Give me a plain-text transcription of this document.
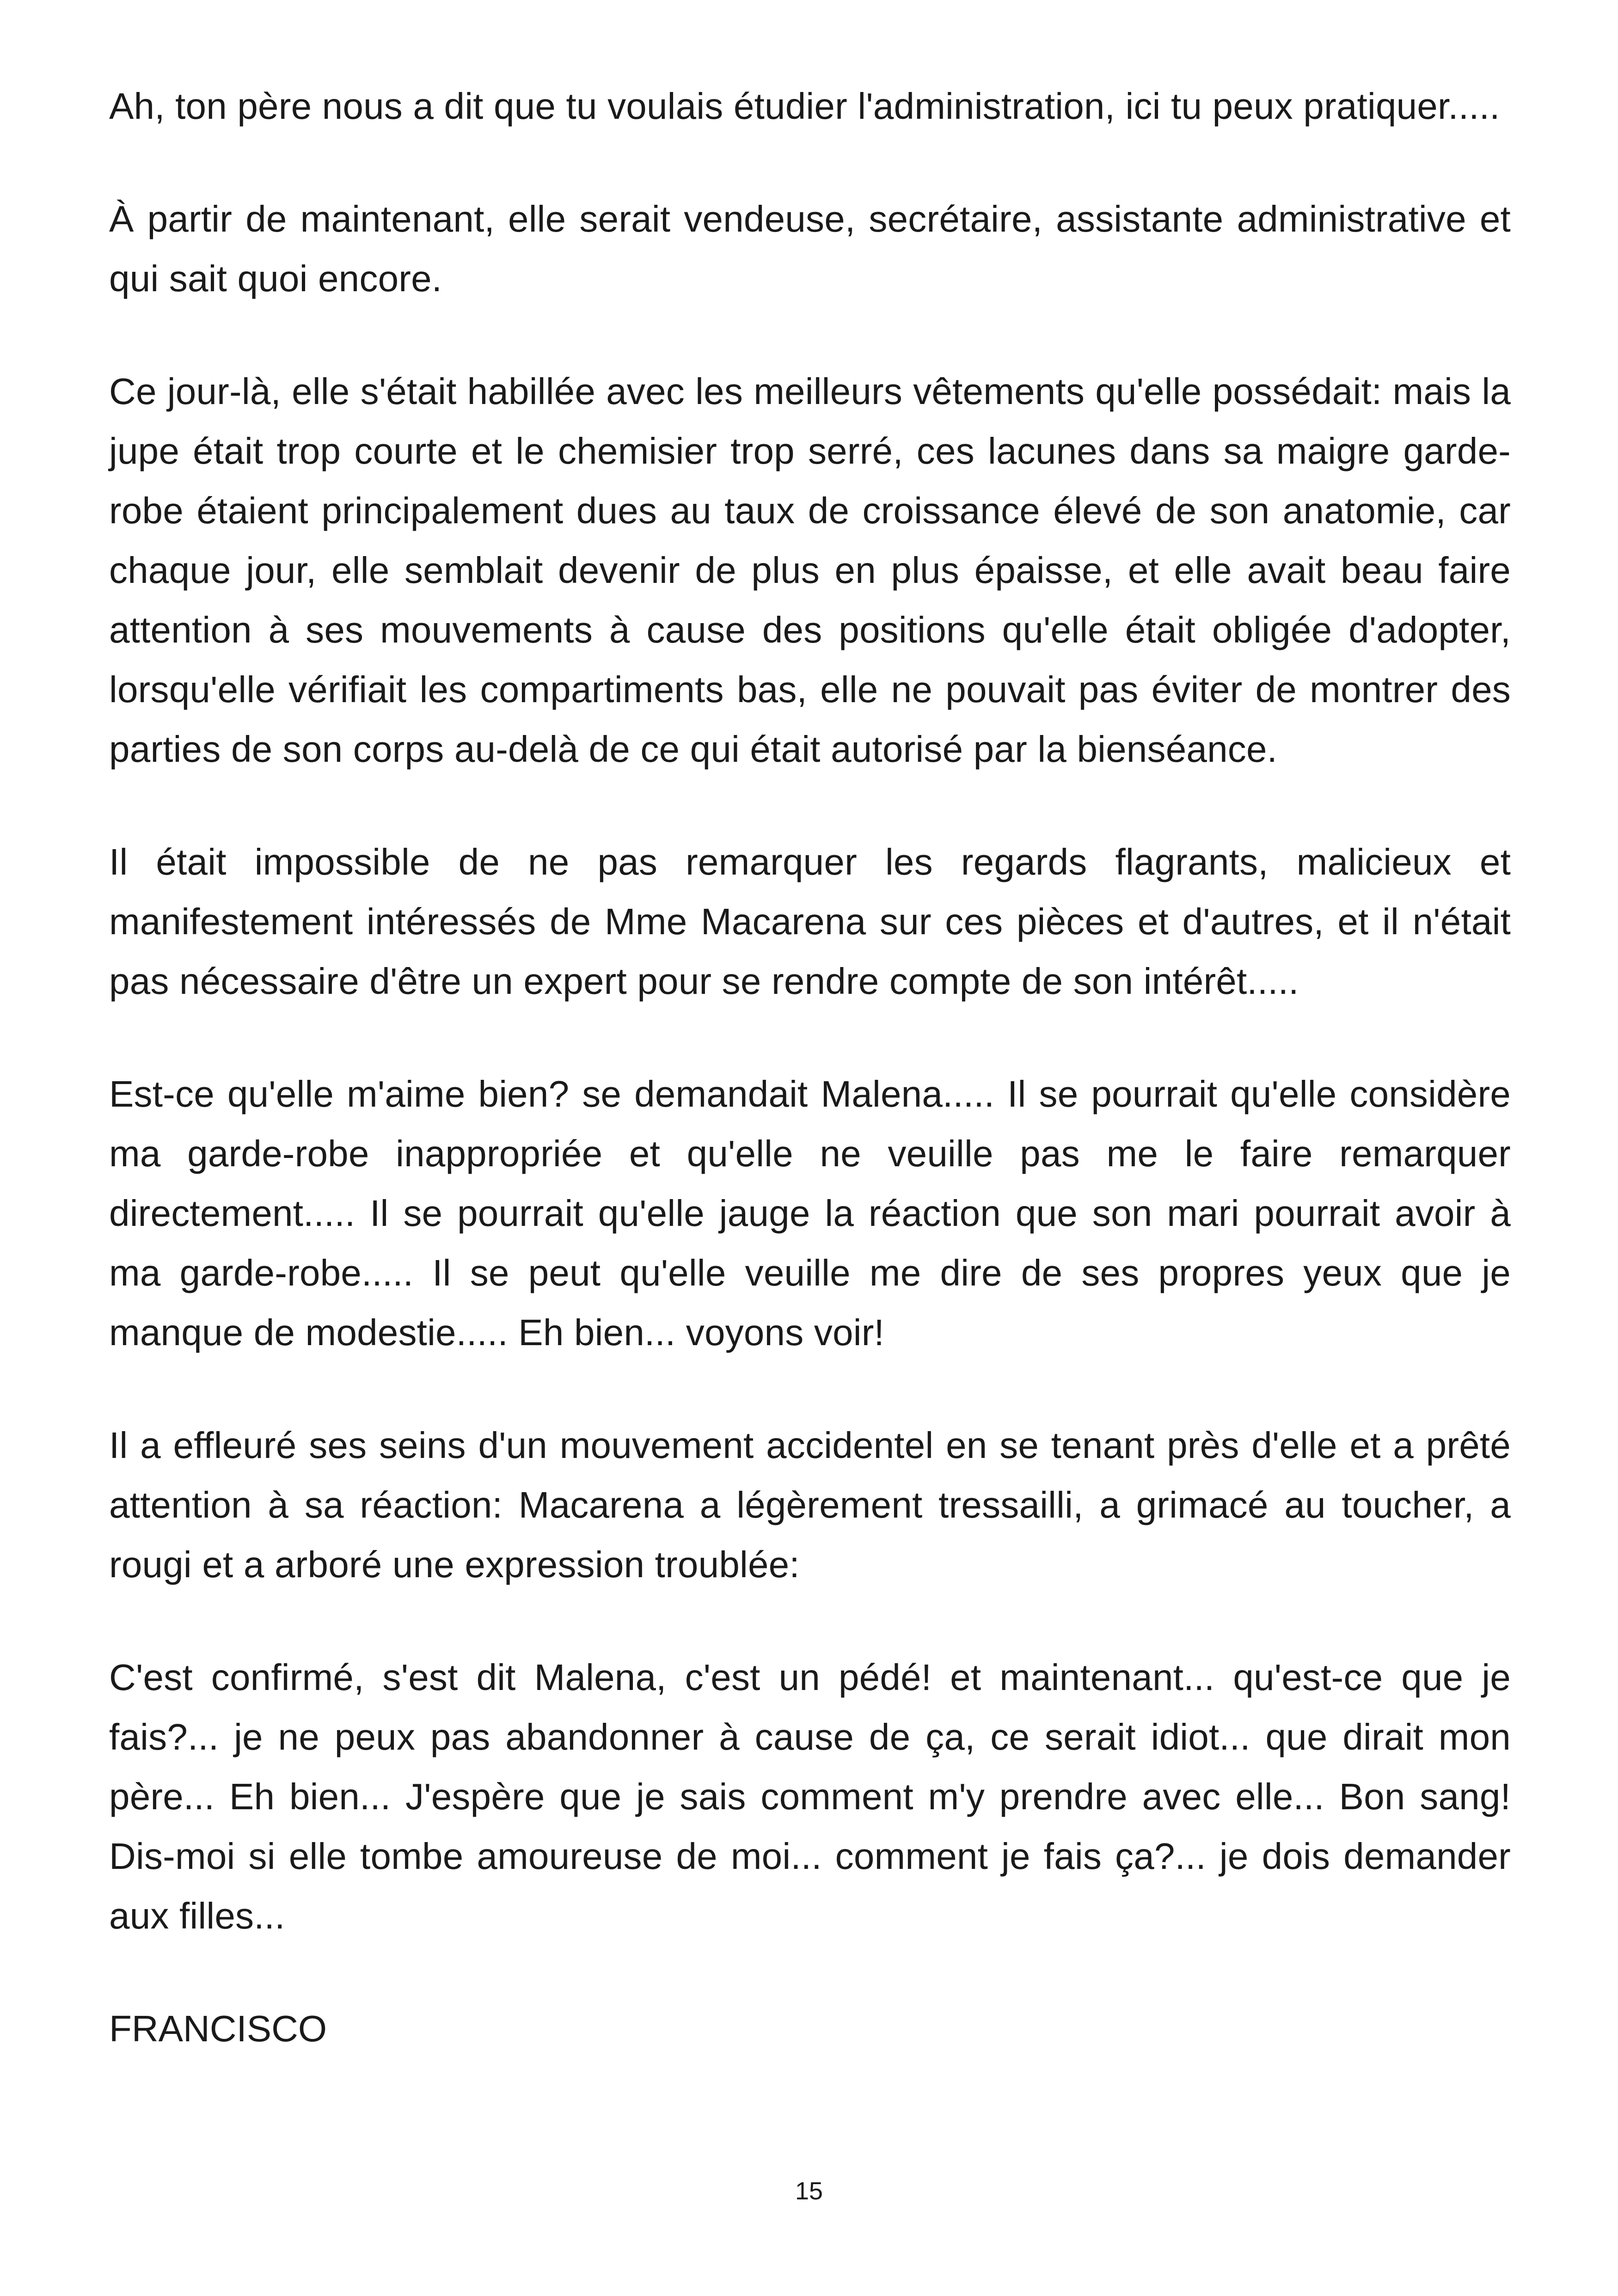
Ah, ton père nous a dit que tu voulais étudier l'administration, ici tu peux pratiquer.....

À partir de maintenant, elle serait vendeuse, secrétaire, assistante administrative et qui sait quoi encore.

Ce jour-là, elle s'était habillée avec les meilleurs vêtements qu'elle possédait: mais la jupe était trop courte et le chemisier trop serré, ces lacunes dans sa maigre garde-robe étaient principalement dues au taux de croissance élevé de son anatomie, car chaque jour, elle semblait devenir de plus en plus épaisse, et elle avait beau faire attention à ses mouvements à cause des positions qu'elle était obligée d'adopter, lorsqu'elle vérifiait les compartiments bas, elle ne pouvait pas éviter de montrer des parties de son corps au-delà de ce qui était autorisé par la bienséance.

Il était impossible de ne pas remarquer les regards flagrants, malicieux et manifestement intéressés de Mme Macarena sur ces pièces et d'autres, et il n'était pas nécessaire d'être un expert pour se rendre compte de son intérêt.....

Est-ce qu'elle m'aime bien? se demandait Malena..... Il se pourrait qu'elle considère ma garde-robe inappropriée et qu'elle ne veuille pas me le faire remarquer directement..... Il se pourrait qu'elle jauge la réaction que son mari pourrait avoir à ma garde-robe..... Il se peut qu'elle veuille me dire de ses propres yeux que je manque de modestie..... Eh bien... voyons voir!

Il a effleuré ses seins d'un mouvement accidentel en se tenant près d'elle et a prêté attention à sa réaction: Macarena a légèrement tressailli, a grimacé au toucher, a rougi et a arboré une expression troublée:

C'est confirmé, s'est dit Malena, c'est un pédé! et maintenant... qu'est-ce que je fais?... je ne peux pas abandonner à cause de ça, ce serait idiot... que dirait mon père... Eh bien... J'espère que je sais comment m'y prendre avec elle... Bon sang! Dis-moi si elle tombe amoureuse de moi... comment je fais ça?... je dois demander aux filles...

FRANCISCO

15
